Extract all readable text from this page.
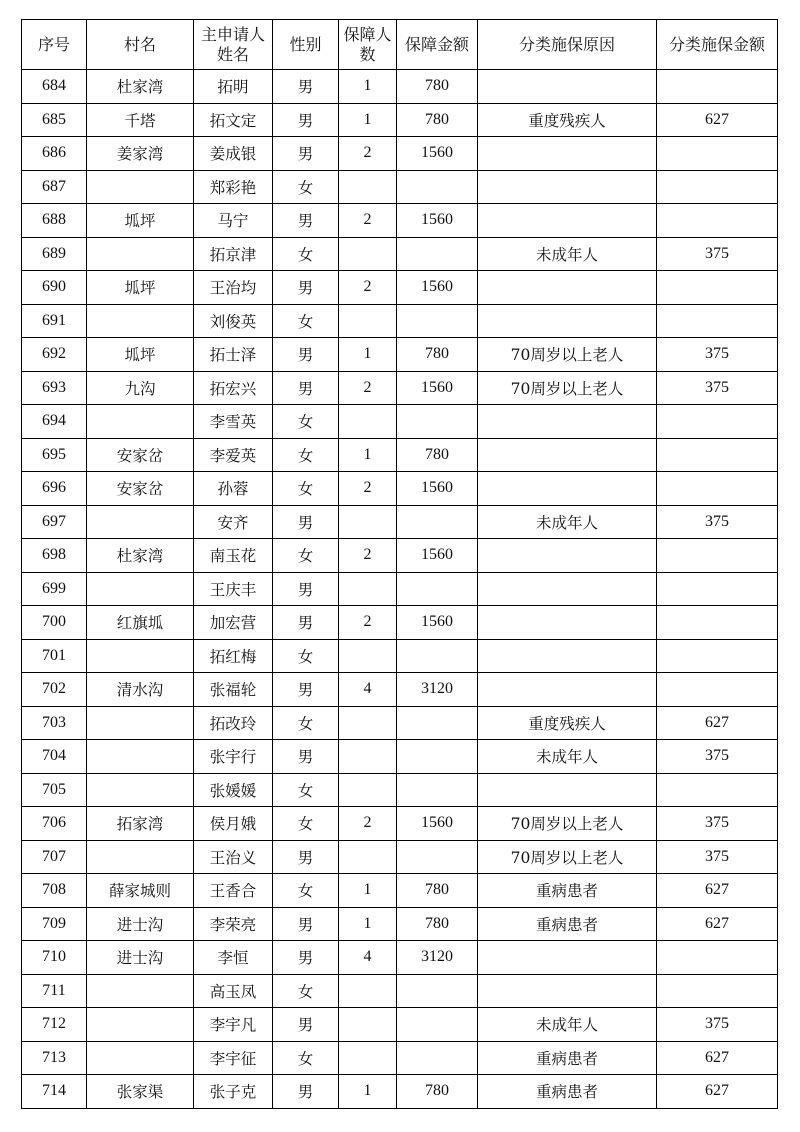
序号	村名	主申请人姓名	性别	保障人数	保障金额	分类施保原因	分类施保金额
684	杜家湾	拓明	男	1	780		
685	千塔	拓文定	男	1	780	重度残疾人	627
686	姜家湾	姜成银	男	2	1560		
687		郑彩艳	女				
688	坬坪	马宁	男	2	1560		
689		拓京津	女			未成年人	375
690	坬坪	王治均	男	2	1560		
691		刘俊英	女				
692	坬坪	拓士泽	男	1	780	70周岁以上老人	375
693	九沟	拓宏兴	男	2	1560	70周岁以上老人	375
694		李雪英	女				
695	安家岔	李爱英	女	1	780		
696	安家岔	孙蓉	女	2	1560		
697		安齐	男			未成年人	375
698	杜家湾	南玉花	女	2	1560		
699		王庆丰	男				
700	红旗坬	加宏营	男	2	1560		
701		拓红梅	女				
702	清水沟	张福轮	男	4	3120		
703		拓改玲	女			重度残疾人	627
704		张宇行	男			未成年人	375
705		张媛媛	女				
706	拓家湾	侯月娥	女	2	1560	70周岁以上老人	375
707		王治义	男			70周岁以上老人	375
708	薛家城则	王香合	女	1	780	重病患者	627
709	进士沟	李荣亮	男	1	780	重病患者	627
710	进士沟	李恒	男	4	3120		
711		高玉凤	女				
712		李宇凡	男			未成年人	375
713		李宇征	女			重病患者	627
714	张家渠	张子克	男	1	780	重病患者	627
